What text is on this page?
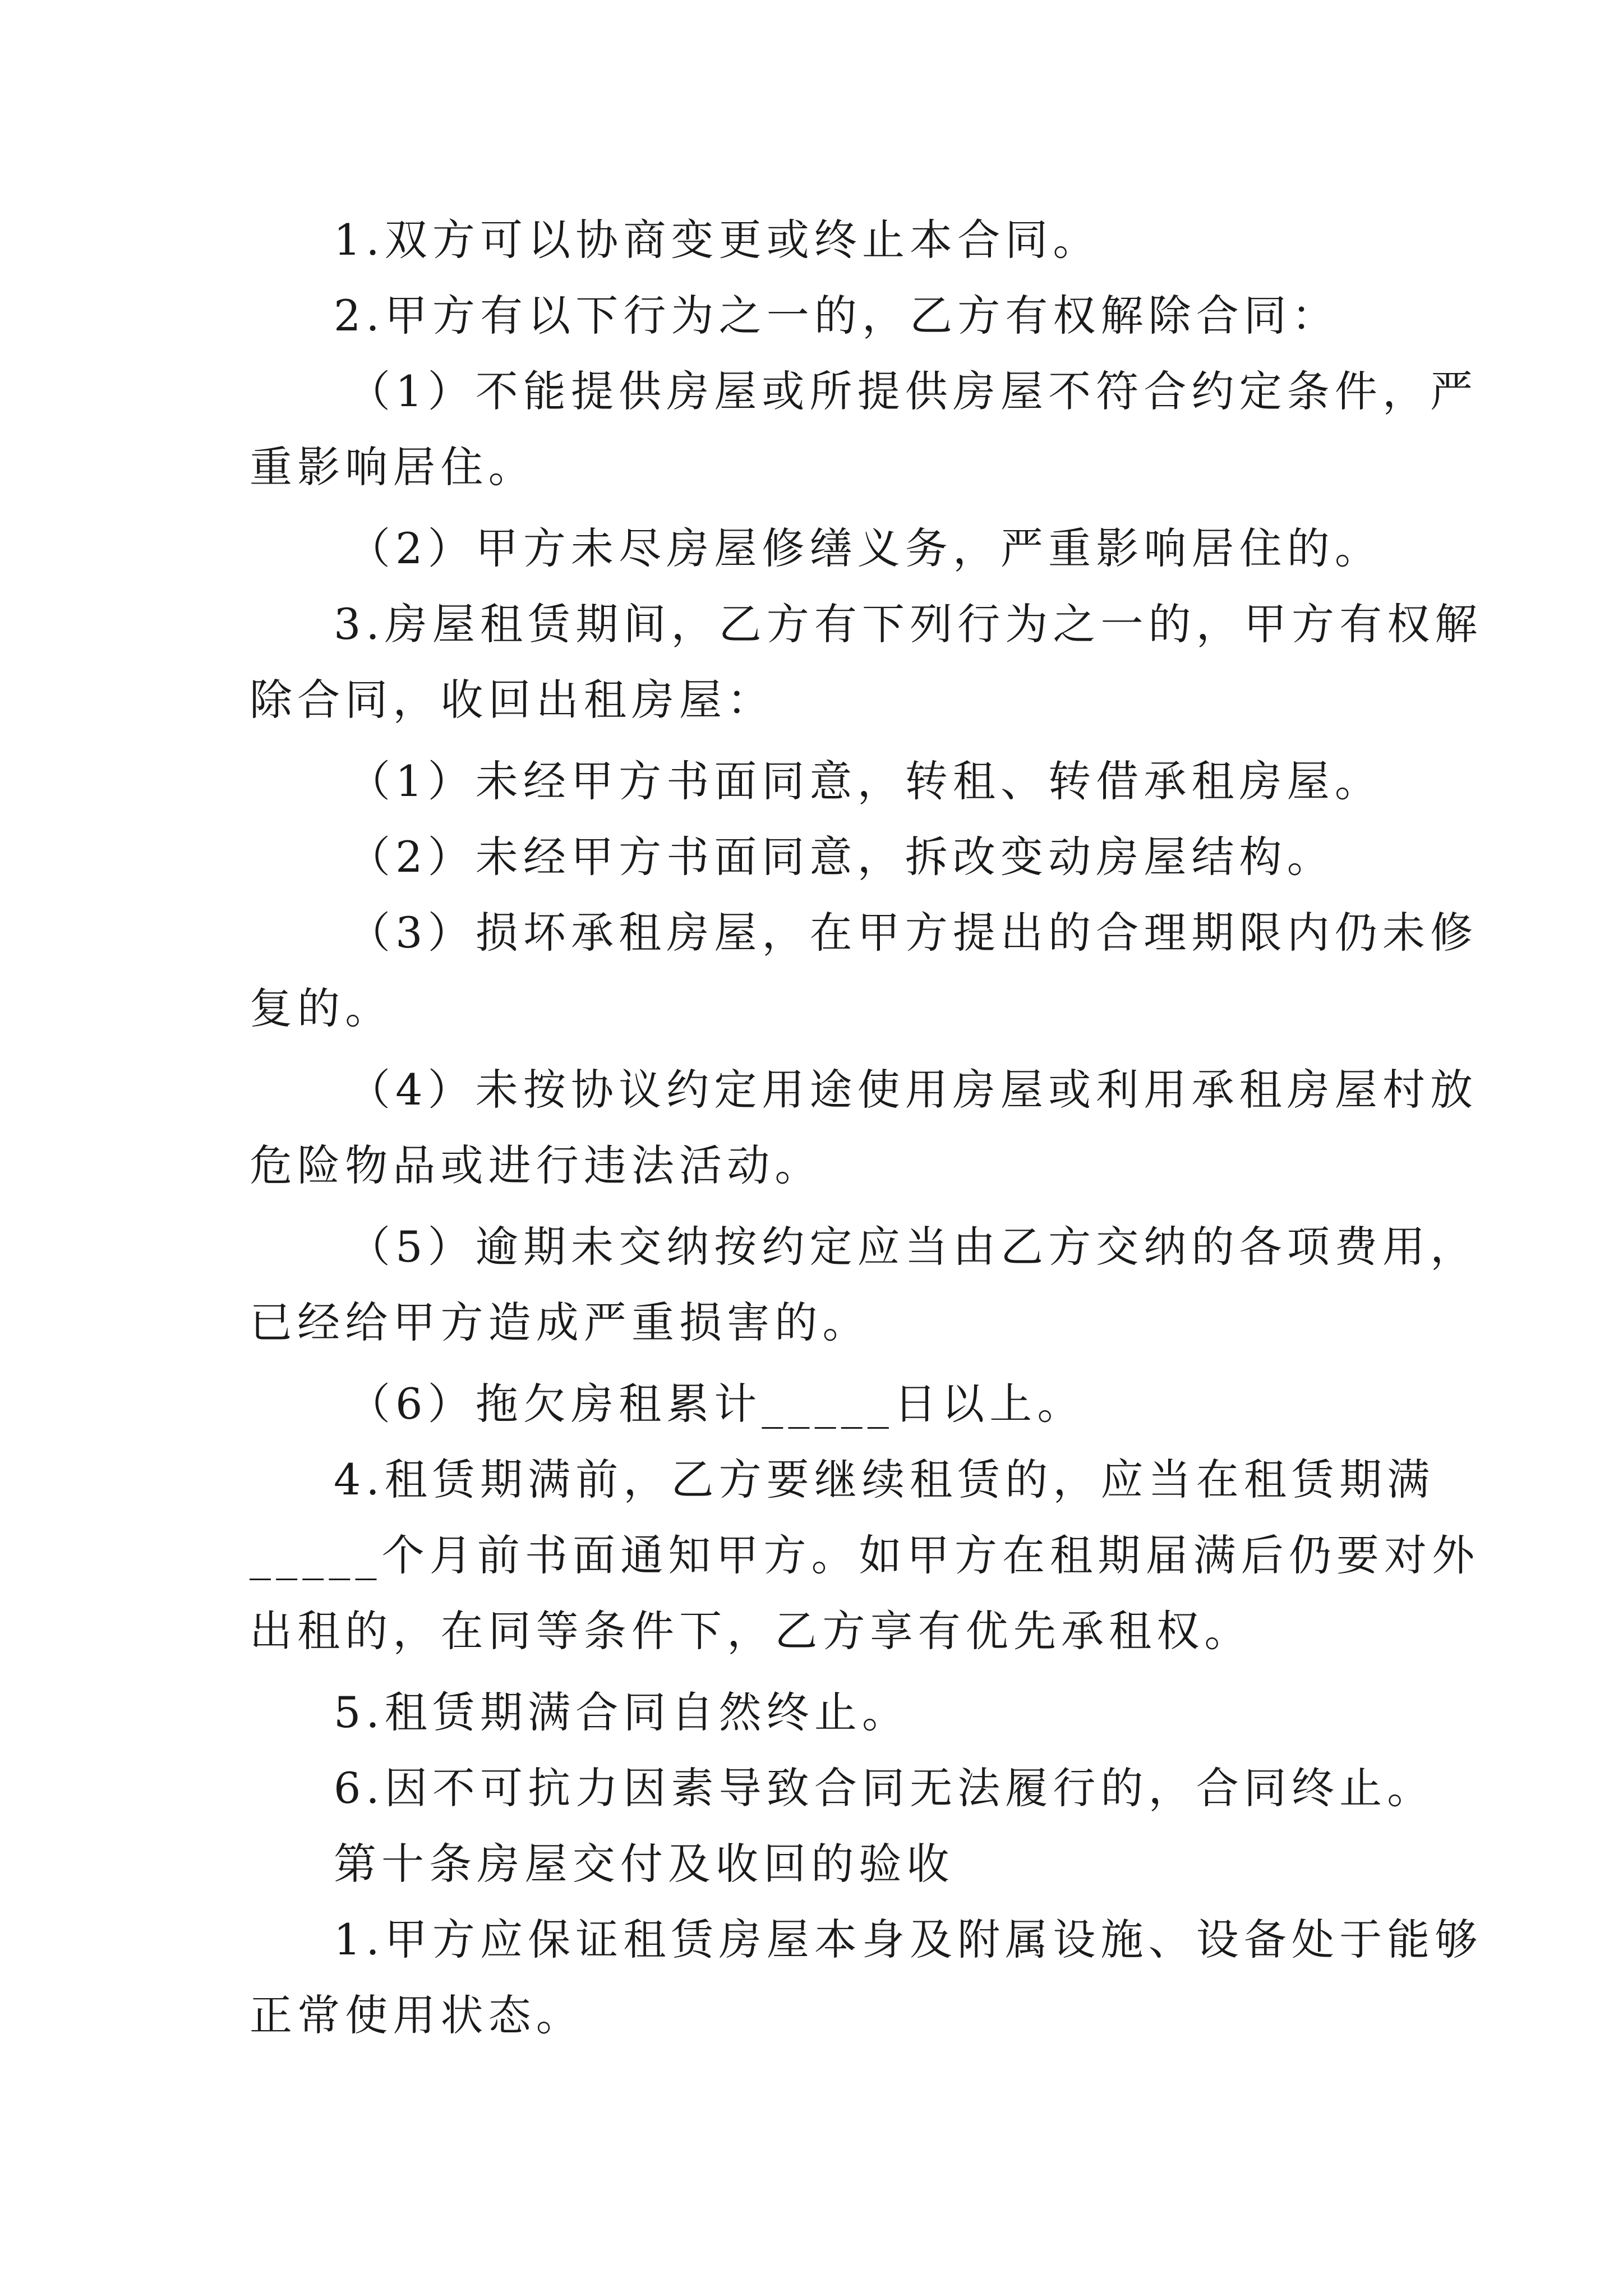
1.双方可以协商变更或终止本合同。
2.甲方有以下行为之一的，乙方有权解除合同：
（1）不能提供房屋或所提供房屋不符合约定条件，严
重影响居住。
（2）甲方未尽房屋修缮义务，严重影响居住的。
3.房屋租赁期间，乙方有下列行为之一的，甲方有权解
除合同，收回出租房屋：
（1）未经甲方书面同意，转租、转借承租房屋。
（2）未经甲方书面同意，拆改变动房屋结构。
（3）损坏承租房屋，在甲方提出的合理期限内仍未修
复的。
（4）未按协议约定用途使用房屋或利用承租房屋村放
危险物品或进行违法活动。
（5）逾期未交纳按约定应当由乙方交纳的各项费用，
已经给甲方造成严重损害的。
（6）拖欠房租累计_____日以上。
4.租赁期满前，乙方要继续租赁的，应当在租赁期满
_____个月前书面通知甲方。如甲方在租期届满后仍要对外
出租的，在同等条件下，乙方享有优先承租权。
5.租赁期满合同自然终止。
6.因不可抗力因素导致合同无法履行的，合同终止。
第十条房屋交付及收回的验收
1.甲方应保证租赁房屋本身及附属设施、设备处于能够
正常使用状态。
